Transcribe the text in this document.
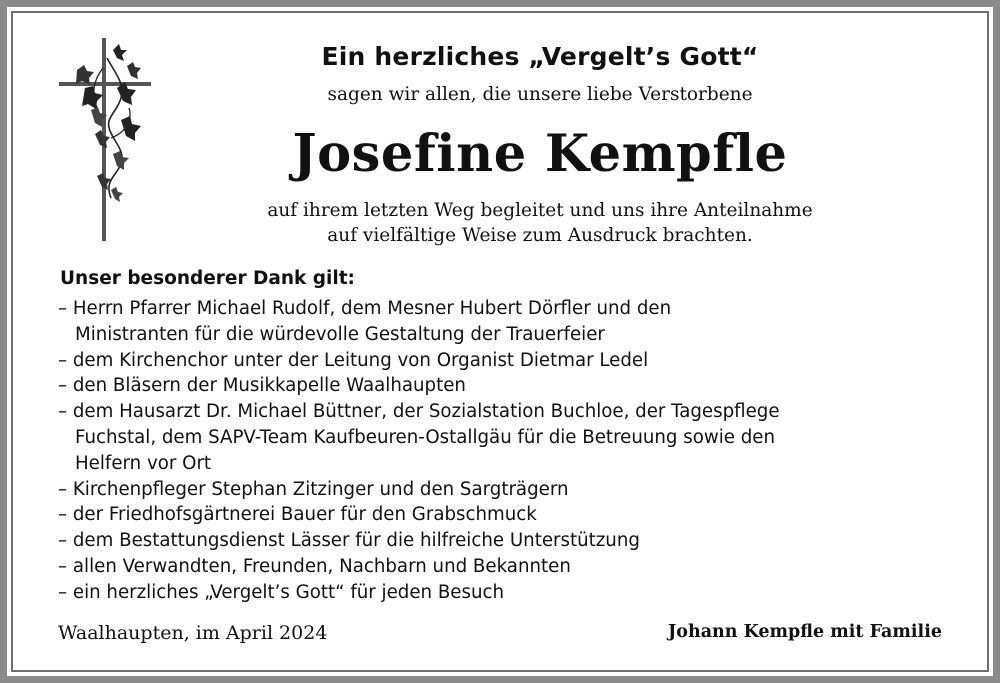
Ein herzliches „Vergelt’s Gott“
sagen wir allen, die unsere liebe Verstorbene
Josefine Kempfle
auf ihrem letzten Weg begleitet und uns ihre Anteilnahme
auf vielfältige Weise zum Ausdruck brachten.
Unser besonderer Dank gilt:
– Herrn Pfarrer Michael Rudolf, dem Mesner Hubert Dörfler und den
Ministranten für die würdevolle Gestaltung der Trauerfeier
– dem Kirchenchor unter der Leitung von Organist Dietmar Ledel
– den Bläsern der Musikkapelle Waalhaupten
– dem Hausarzt Dr. Michael Büttner, der Sozialstation Buchloe, der Tagespflege
Fuchstal, dem SAPV-Team Kaufbeuren-Ostallgäu für die Betreuung sowie den
Helfern vor Ort
– Kirchenpfleger Stephan Zitzinger und den Sargträgern
– der Friedhofsgärtnerei Bauer für den Grabschmuck
– dem Bestattungsdienst Lässer für die hilfreiche Unterstützung
– allen Verwandten, Freunden, Nachbarn und Bekannten
– ein herzliches „Vergelt’s Gott“ für jeden Besuch
Waalhaupten, im April 2024	Johann Kempfle mit Familie
